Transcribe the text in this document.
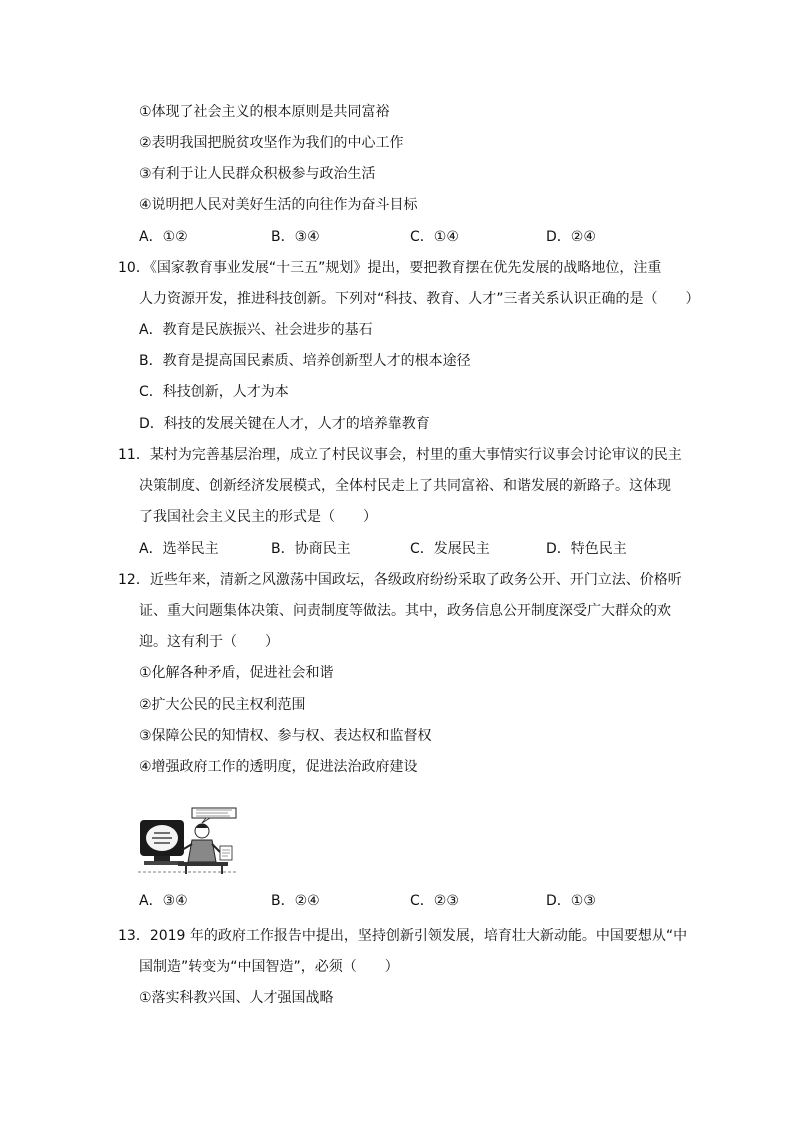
①体现了社会主义的根本原则是共同富裕
②表明我国把脱贫攻坚作为我们的中心工作
③有利于让人民群众积极参与政治生活
④说明把人民对美好生活的向往作为奋斗目标
A．①②	B．③④	C．①④	D．②④
10．《国家教育事业发展“十三五”规划》提出，要把教育摆在优先发展的战略地位，注重
人力资源开发，推进科技创新。下列对“科技、教育、人才”三者关系认识正确的是（　　）
A．教育是民族振兴、社会进步的基石
B．教育是提高国民素质、培养创新型人才的根本途径
C．科技创新，人才为本
D．科技的发展关键在人才，人才的培养靠教育
11．某村为完善基层治理，成立了村民议事会，村里的重大事情实行议事会讨论审议的民主
决策制度、创新经济发展模式，全体村民走上了共同富裕、和谐发展的新路子。这体现
了我国社会主义民主的形式是（　　）
A．选举民主	B．协商民主	C．发展民主	D．特色民主
12．近些年来，清新之风激荡中国政坛，各级政府纷纷采取了政务公开、开门立法、价格听
证、重大问题集体决策、问责制度等做法。其中，政务信息公开制度深受广大群众的欢
迎。这有利于（　　）
①化解各种矛盾，促进社会和谐
②扩大公民的民主权利范围
③保障公民的知情权、参与权、表达权和监督权
④增强政府工作的透明度，促进法治政府建设
A．③④	B．②④	C．②③	D．①③
13．2019 年的政府工作报告中提出，坚持创新引领发展，培育壮大新动能。中国要想从“中
国制造”转变为“中国智造”，必须（　　）
①落实科教兴国、人才强国战略
